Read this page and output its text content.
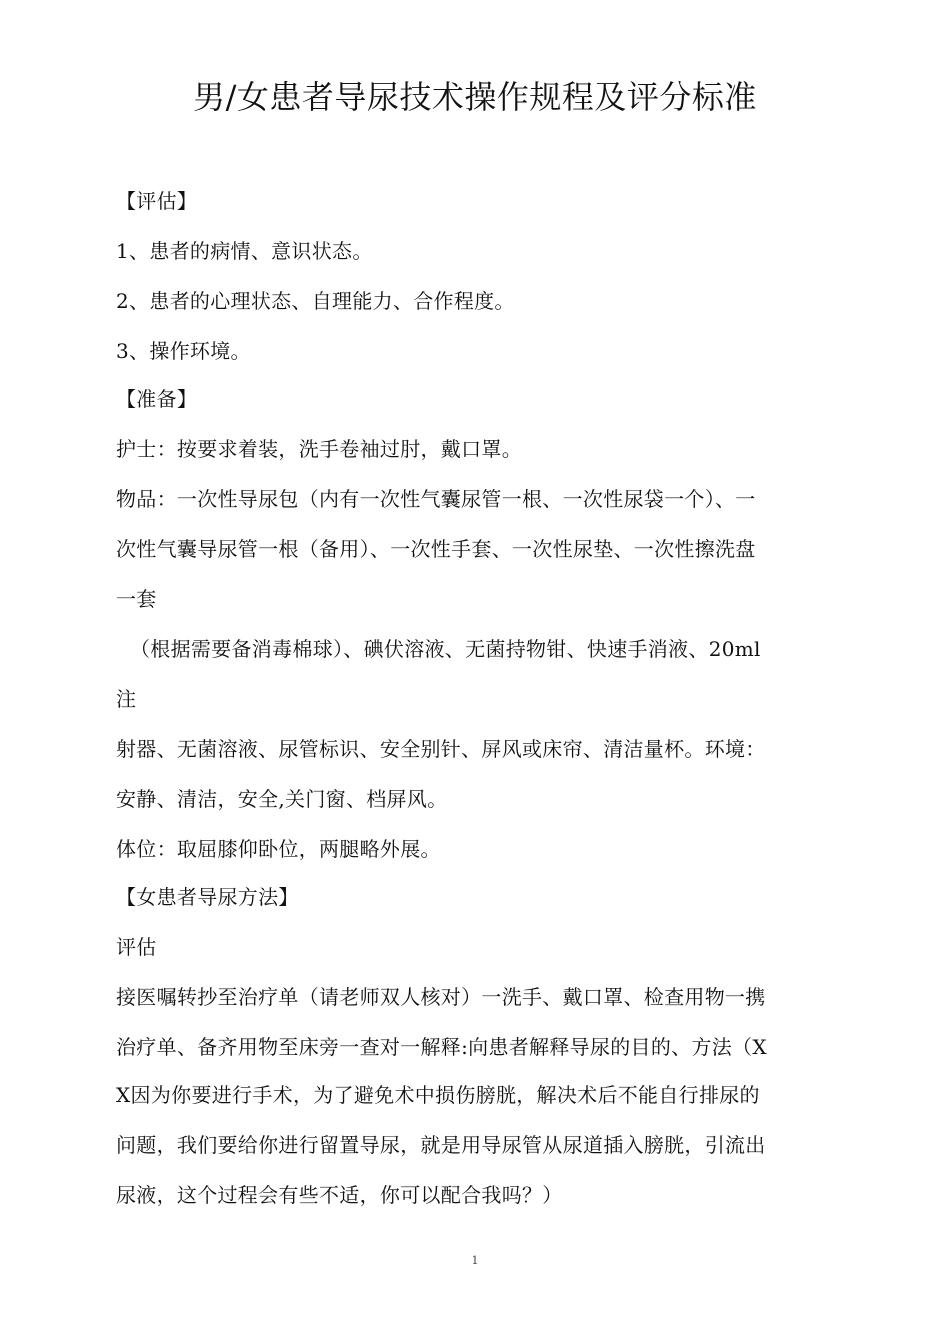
男/女患者导尿技术操作规程及评分标准
【评估】
1、患者的病情、意识状态。
2、患者的心理状态、自理能力、合作程度。
3、操作环境。
【准备】
护士：按要求着装，洗手卷袖过肘，戴口罩。
物品：一次性导尿包（内有一次性气囊尿管一根、一次性尿袋一个）、一
次性气囊导尿管一根（备用）、一次性手套、一次性尿垫、一次性擦洗盘
一套
（根据需要备消毒棉球）、碘伏溶液、无菌持物钳、快速手消液、20ml
注
射器、无菌溶液、尿管标识、安全别针、屏风或床帘、清洁量杯。环境：
安静、清洁，安全,关门窗、档屏风。
体位：取屈膝仰卧位，两腿略外展。
【女患者导尿方法】
评估
接医嘱转抄至治疗单（请老师双人核对）一洗手、戴口罩、检查用物一携
治疗单、备齐用物至床旁一查对一解释:向患者解释导尿的目的、方法（X
X因为你要进行手术，为了避免术中损伤膀胱，解决术后不能自行排尿的
问题，我们要给你进行留置导尿，就是用导尿管从尿道插入膀胱，引流出
尿液，这个过程会有些不适，你可以配合我吗？）
1
